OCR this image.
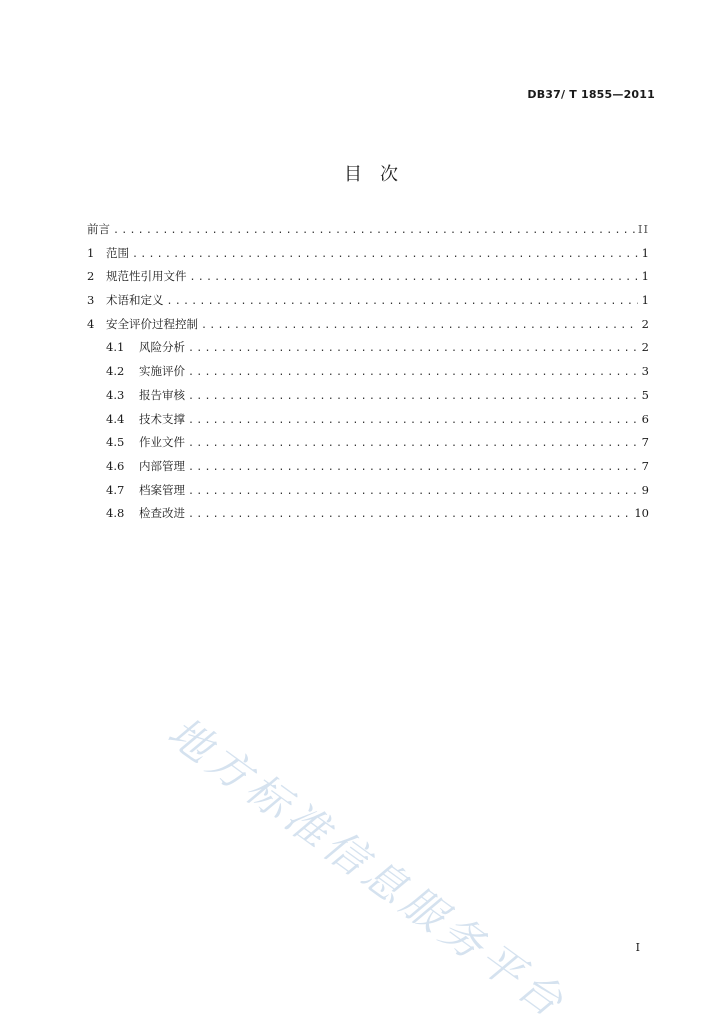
DB37/ T 1855—2011
目　次
前言 .....	II
1	范围 .....	1
2	规范性引用文件 .....	1
3	术语和定义 .....	1
4	安全评价过程控制 .....	2
4.1	风险分析 .....	2
4.2	实施评价 .....	3
4.3	报告审核 .....	5
4.4	技术支撑 .....	6
4.5	作业文件 .....	7
4.6	内部管理 .....	7
4.7	档案管理 .....	9
4.8	检查改进 .....	10
地方标准信息服务平台	I
